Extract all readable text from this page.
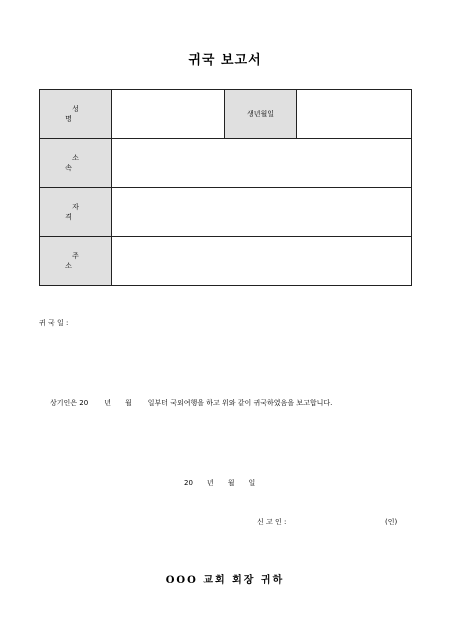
귀국 보고서
성 명		생년월일	
소 속			
자 격			
주 소			
귀 국 일 :
상기인은 20 년 월 일부터 국외여행을 하고 위와 같이 귀국하였음을 보고합니다.
20 년 월 일
신 고 인 :	(인)
OOO 교회 회장 귀하
